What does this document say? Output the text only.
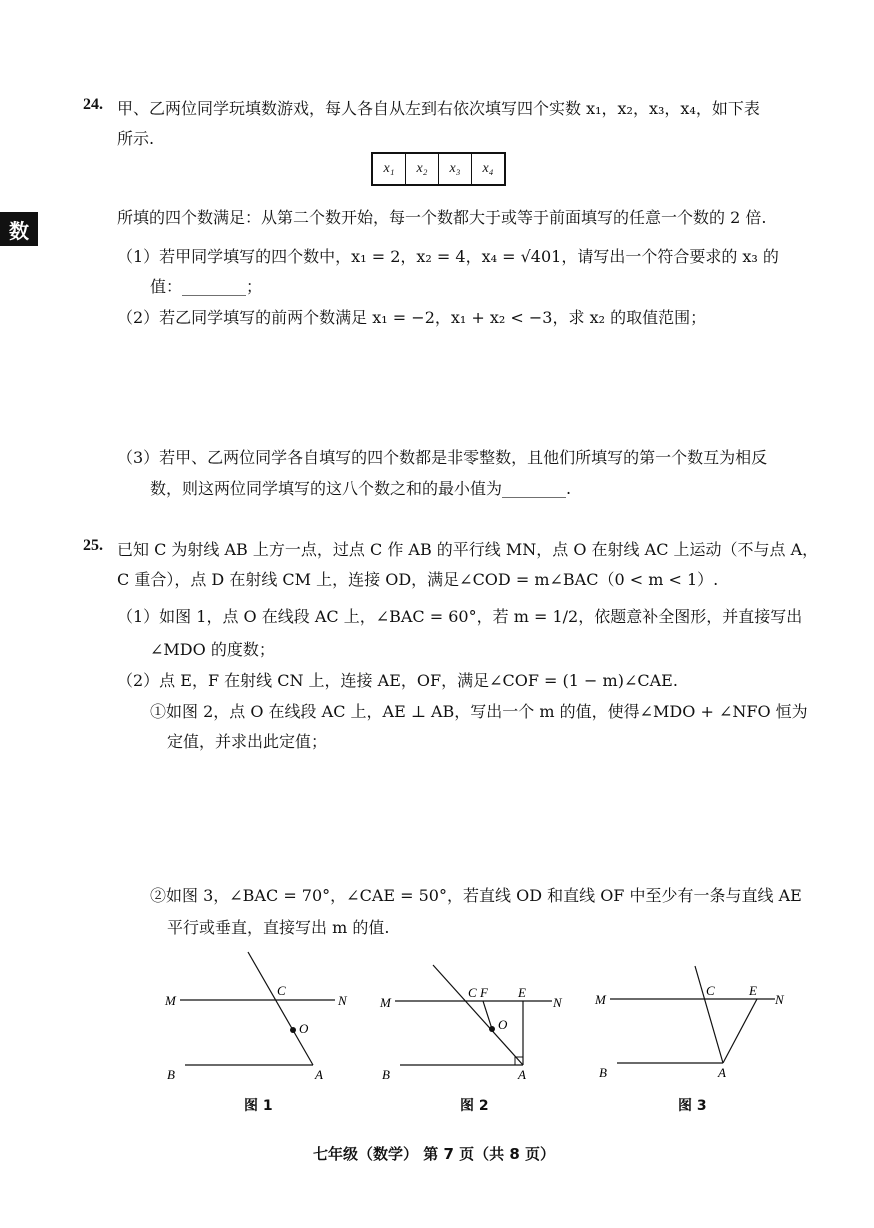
数
24. 甲、乙两位同学玩填数游戏，每人各自从左到右依次填写四个实数 x₁，x₂，x₃，x₄，如下表
所示.
x₁	x₂	x₃	x₄
所填的四个数满足：从第二个数开始，每一个数都大于或等于前面填写的任意一个数的 2 倍.
（1）若甲同学填写的四个数中，x₁ = 2，x₂ = 4，x₄ = √401，请写出一个符合要求的 x₃ 的
值：________；
（2）若乙同学填写的前两个数满足 x₁ = −2，x₁ + x₂ < −3，求 x₂ 的取值范围；
（3）若甲、乙两位同学各自填写的四个数都是非零整数，且他们所填写的第一个数互为相反
数，则这两位同学填写的这八个数之和的最小值为________.
25. 已知 C 为射线 AB 上方一点，过点 C 作 AB 的平行线 MN，点 O 在射线 AC 上运动（不与点 A，
C 重合），点 D 在射线 CM 上，连接 OD，满足∠COD = m∠BAC（0 < m < 1）.
（1）如图 1，点 O 在线段 AC 上，∠BAC = 60°，若 m = 1/2，依题意补全图形，并直接写出
∠MDO 的度数；
（2）点 E，F 在射线 CN 上，连接 AE，OF，满足∠COF = (1 − m)∠CAE.
①如图 2，点 O 在线段 AC 上，AE ⊥ AB，写出一个 m 的值，使得∠MDO + ∠NFO 恒为
定值，并求出此定值；
②如图 3，∠BAC = 70°，∠CAE = 50°，若直线 OD 和直线 OF 中至少有一条与直线 AE
平行或垂直，直接写出 m 的值.
M	N
C
O
B	A
图 1
M	N
C F E
O
B	A
图 2
M	N
C	E
B	A
图 3
七年级（数学） 第 7 页（共 8 页）
